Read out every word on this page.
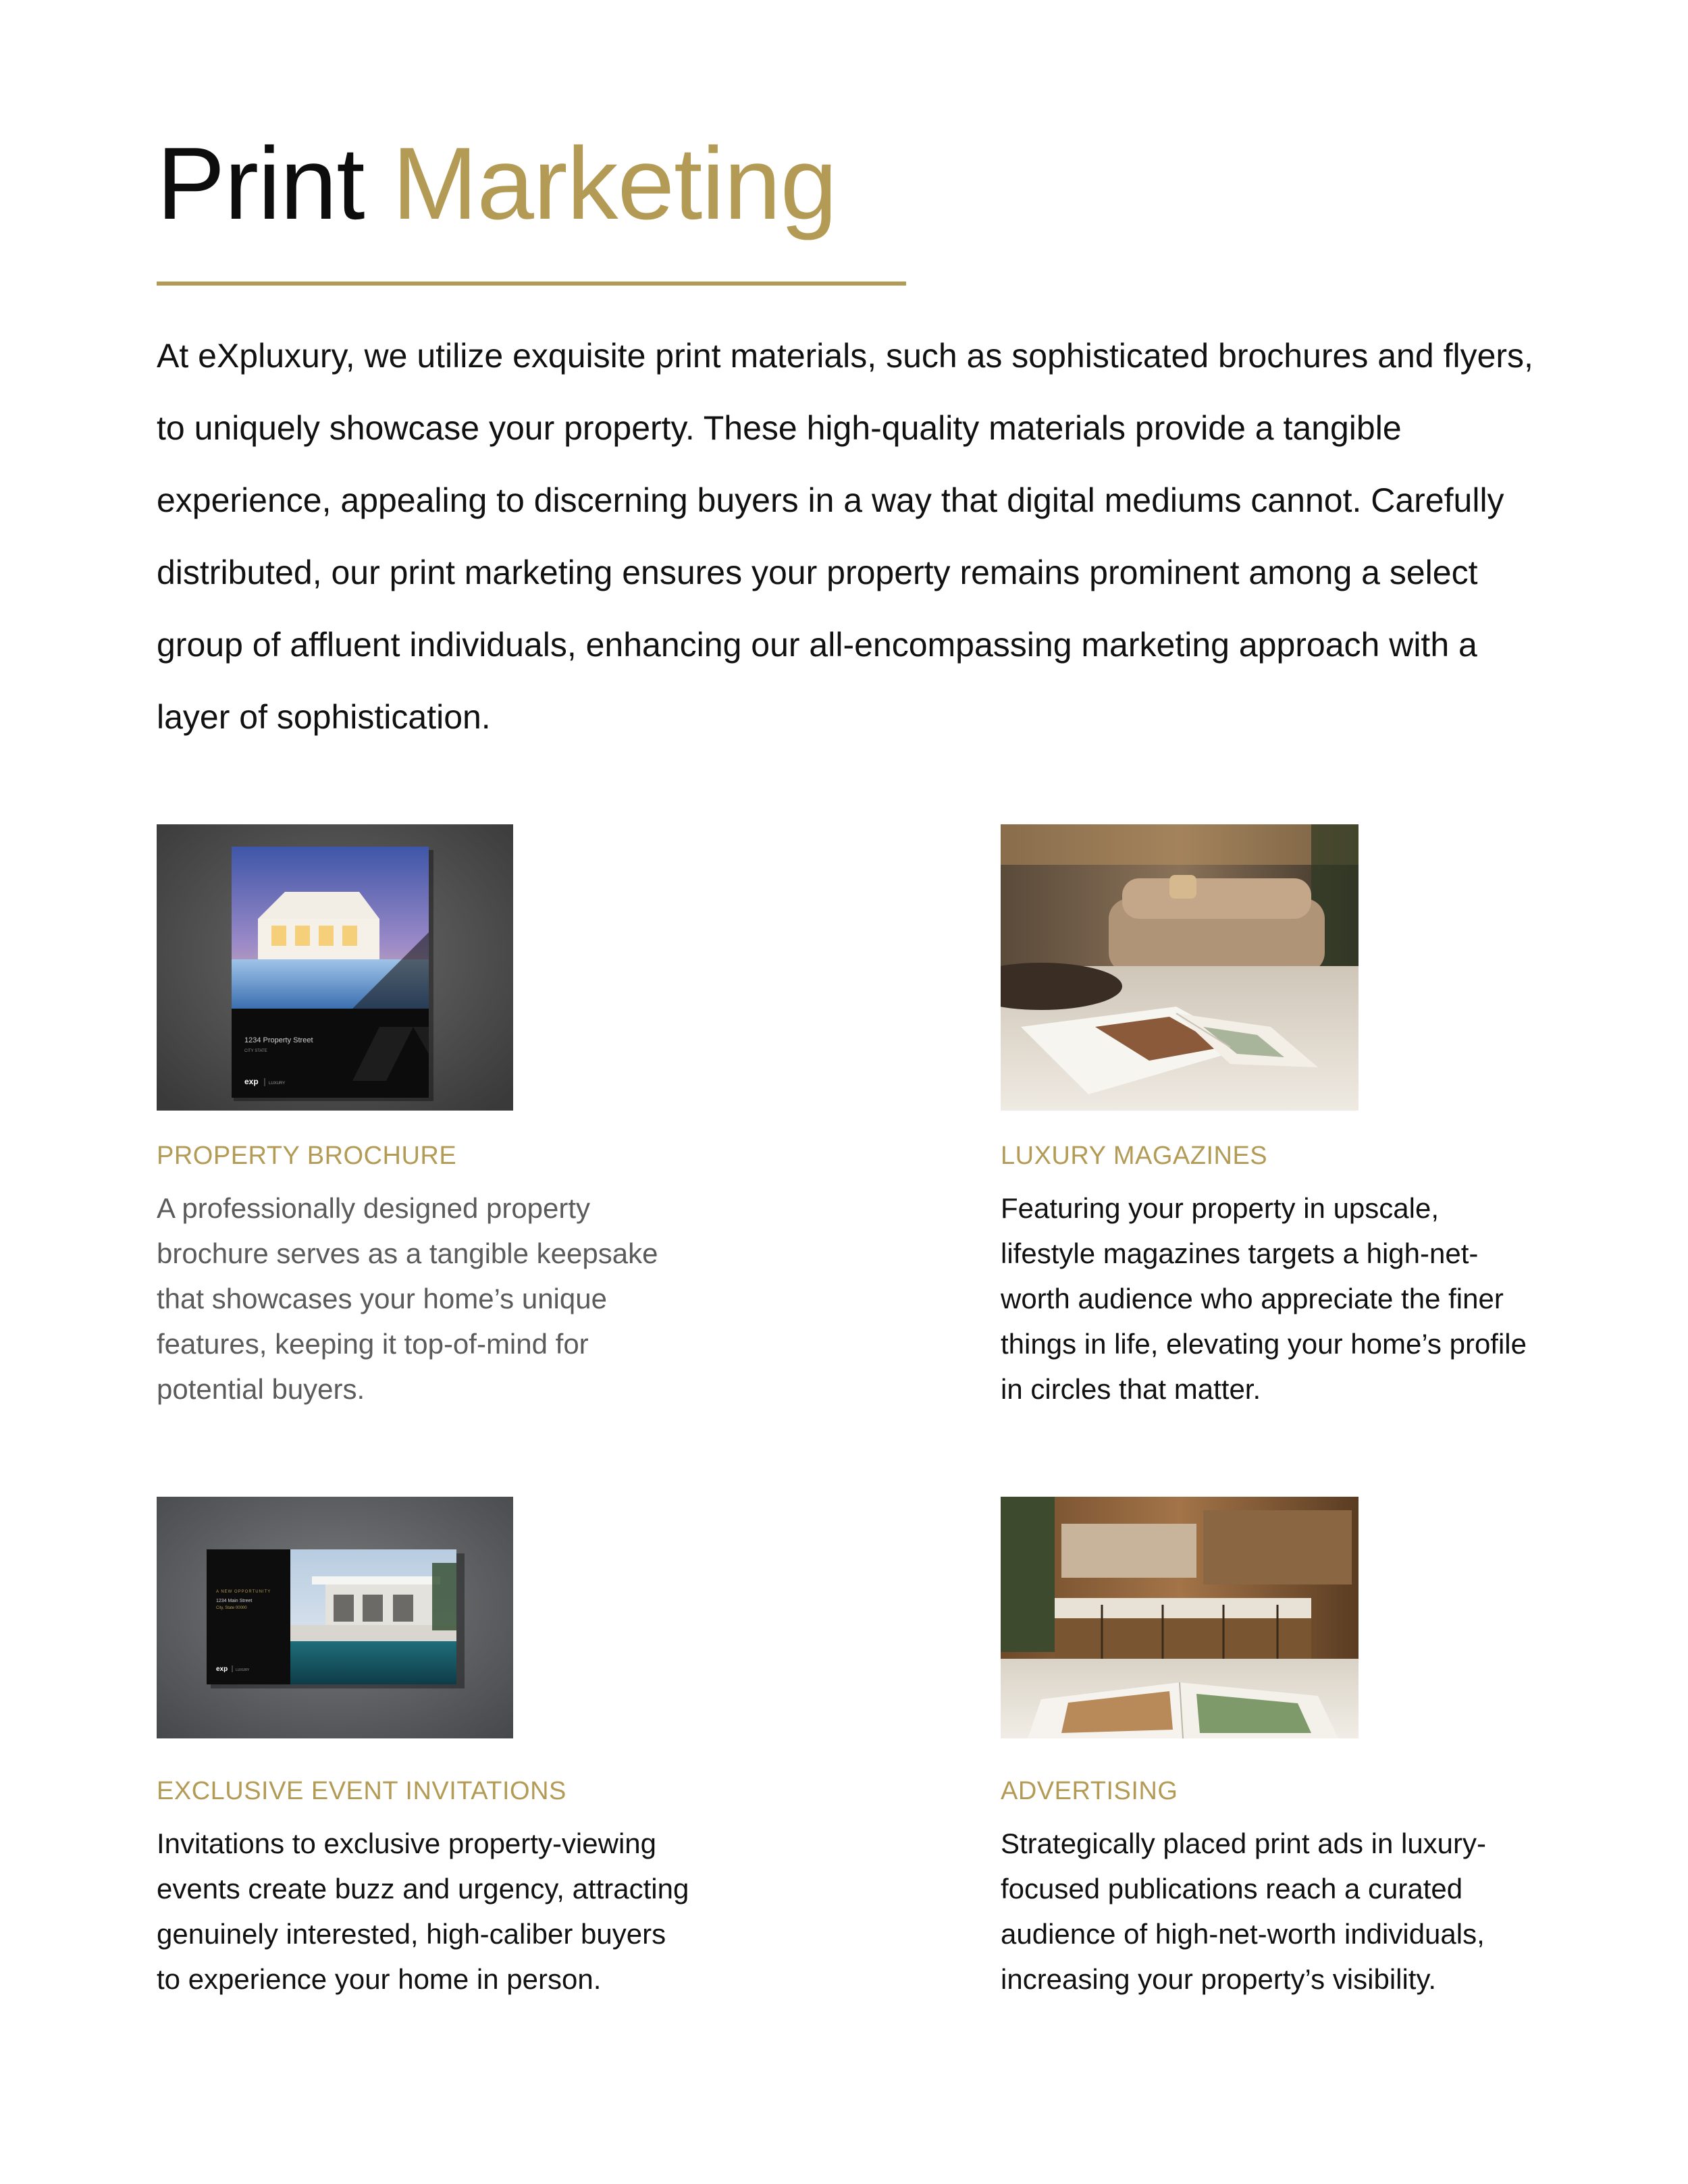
Print Marketing

At eXpluxury, we utilize exquisite print materials, such as sophisticated brochures and flyers, to uniquely showcase your property. These high-quality materials provide a tangible experience, appealing to discerning buyers in a way that digital mediums cannot. Carefully distributed, our print marketing ensures your property remains prominent among a select group of affluent individuals, enhancing our all-encompassing marketing approach with a layer of sophistication.

1234 Property Street
CITY STATE
exp	LUXURY

PROPERTY BROCHURE

A professionally designed property brochure serves as a tangible keepsake that showcases your home’s unique features, keeping it top-of-mind for potential buyers.

LUXURY MAGAZINES

Featuring your property in upscale, lifestyle magazines targets a high-net-worth audience who appreciate the finer things in life, elevating your home’s profile in circles that matter.

A NEW OPPORTUNITY
1234 Main Street
City, State 00000
exp LUXURY

EXCLUSIVE EVENT INVITATIONS

Invitations to exclusive property-viewing events create buzz and urgency, attracting genuinely interested, high-caliber buyers to experience your home in person.

ADVERTISING

Strategically placed print ads in luxury-focused publications reach a curated audience of high-net-worth individuals, increasing your property’s visibility.
